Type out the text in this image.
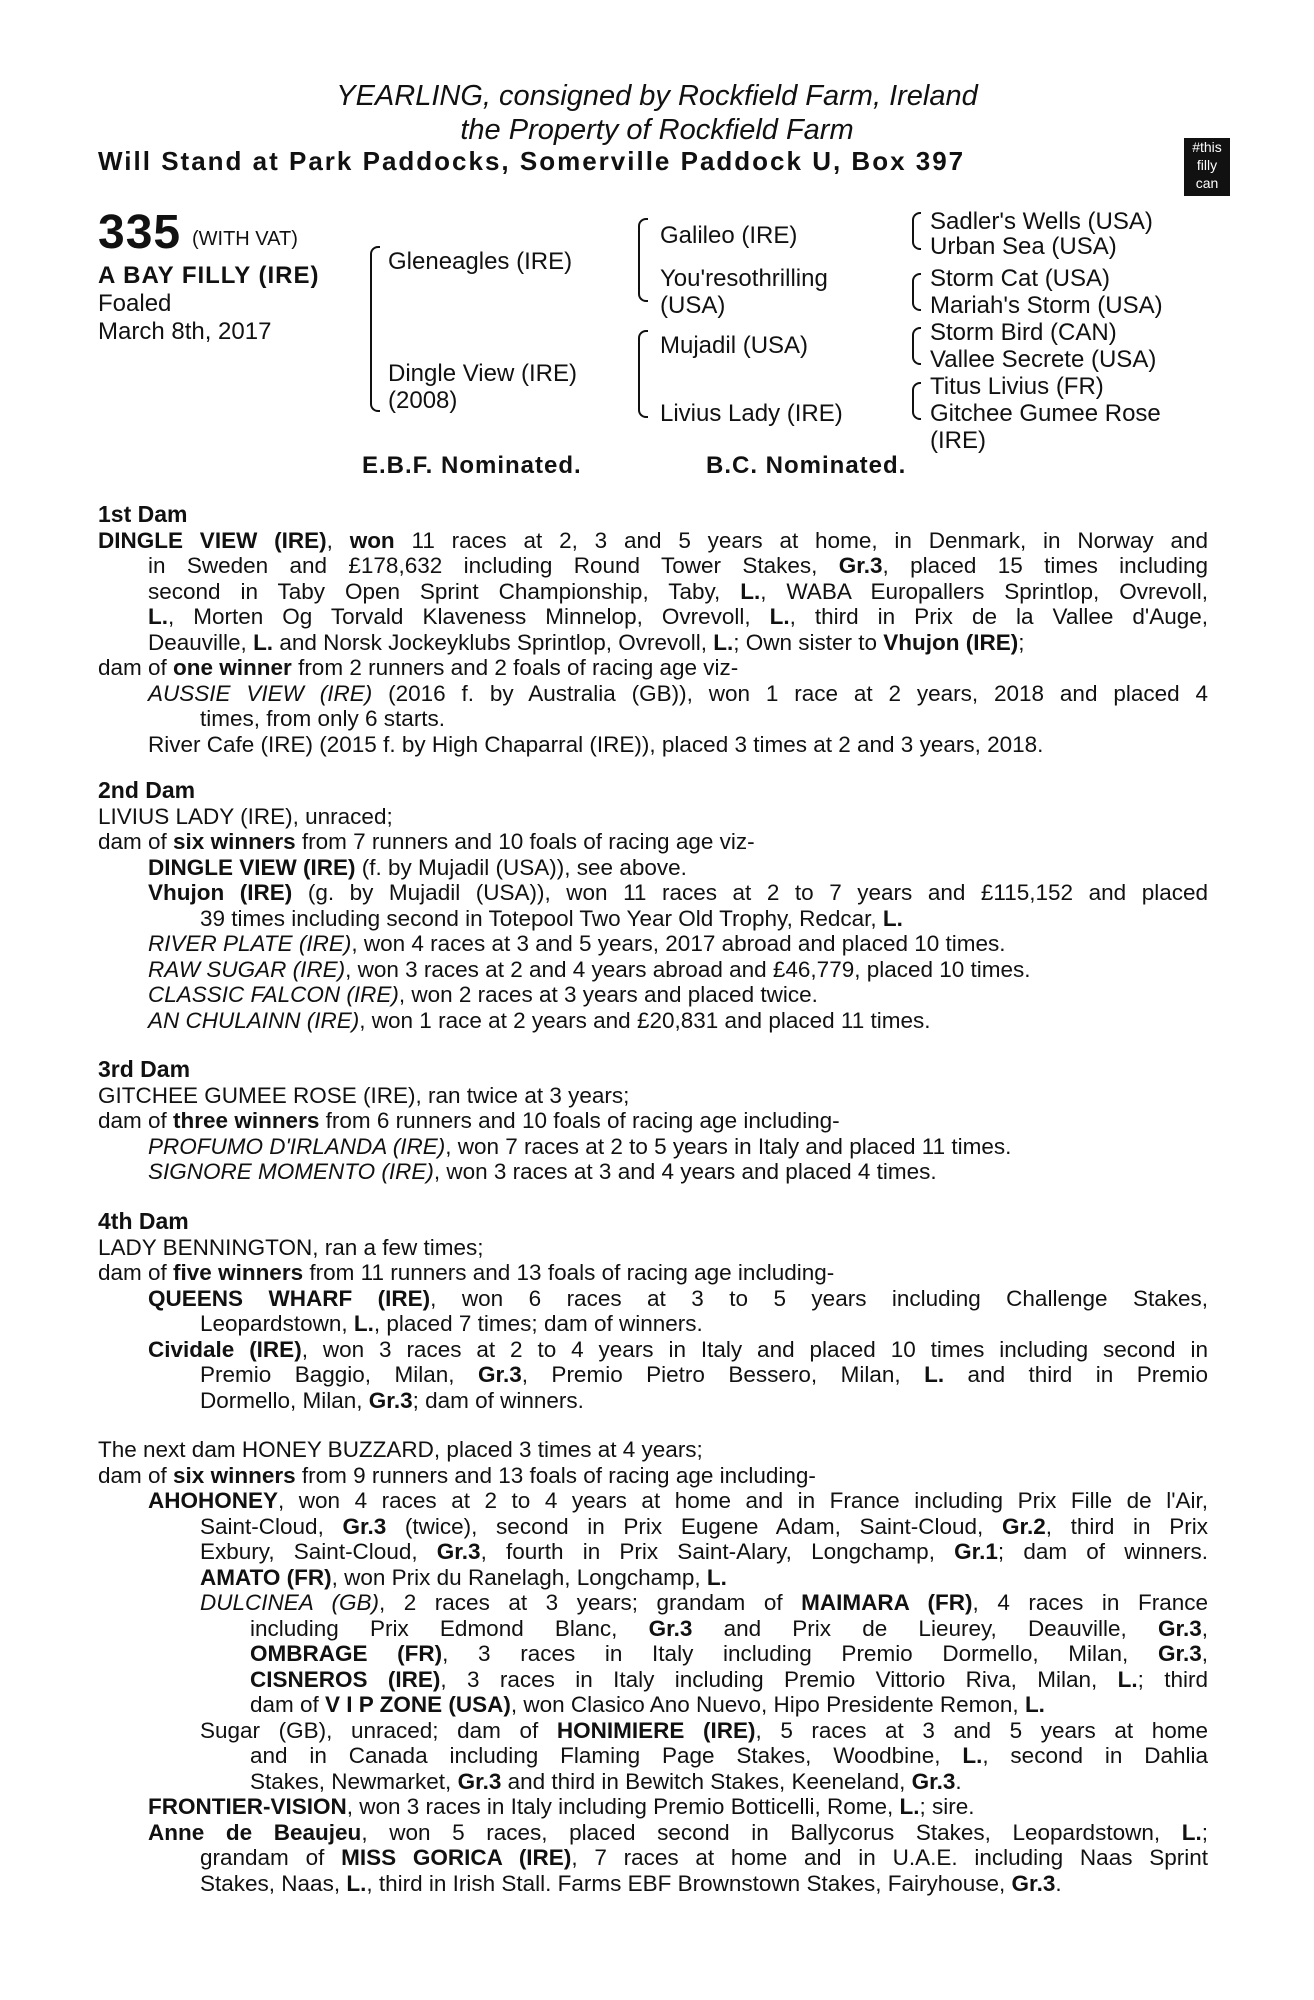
YEARLING, consigned by Rockfield Farm, Ireland
the Property of Rockfield Farm
Will Stand at Park Paddocks, Somerville Paddock U, Box 397	#this
filly
can
335 (WITH VAT)
A BAY FILLY (IRE)
Foaled
March 8th, 2017
Gleneagles (IRE)
Dingle View (IRE)
(2008)
Galileo (IRE)
You'resothrilling
(USA)
Mujadil (USA)
Livius Lady (IRE)
Sadler's Wells (USA)
Urban Sea (USA)
Storm Cat (USA)
Mariah's Storm (USA)
Storm Bird (CAN)
Vallee Secrete (USA)
Titus Livius (FR)
Gitchee Gumee Rose
(IRE)
E.B.F. Nominated.	B.C. Nominated.
1st Dam
DINGLE VIEW (IRE), won 11 races at 2, 3 and 5 years at home, in Denmark, in Norway and
in Sweden and £178,632 including Round Tower Stakes, Gr.3, placed 15 times including
second in Taby Open Sprint Championship, Taby, L., WABA Europallers Sprintlop, Ovrevoll,
L., Morten Og Torvald Klaveness Minnelop, Ovrevoll, L., third in Prix de la Vallee d'Auge,
Deauville, L. and Norsk Jockeyklubs Sprintlop, Ovrevoll, L.; Own sister to Vhujon (IRE);
dam of one winner from 2 runners and 2 foals of racing age viz-
AUSSIE VIEW (IRE) (2016 f. by Australia (GB)), won 1 race at 2 years, 2018 and placed 4
times, from only 6 starts.
River Cafe (IRE) (2015 f. by High Chaparral (IRE)), placed 3 times at 2 and 3 years, 2018.
2nd Dam
LIVIUS LADY (IRE), unraced;
dam of six winners from 7 runners and 10 foals of racing age viz-
DINGLE VIEW (IRE) (f. by Mujadil (USA)), see above.
Vhujon (IRE) (g. by Mujadil (USA)), won 11 races at 2 to 7 years and £115,152 and placed
39 times including second in Totepool Two Year Old Trophy, Redcar, L.
RIVER PLATE (IRE), won 4 races at 3 and 5 years, 2017 abroad and placed 10 times.
RAW SUGAR (IRE), won 3 races at 2 and 4 years abroad and £46,779, placed 10 times.
CLASSIC FALCON (IRE), won 2 races at 3 years and placed twice.
AN CHULAINN (IRE), won 1 race at 2 years and £20,831 and placed 11 times.
3rd Dam
GITCHEE GUMEE ROSE (IRE), ran twice at 3 years;
dam of three winners from 6 runners and 10 foals of racing age including-
PROFUMO D'IRLANDA (IRE), won 7 races at 2 to 5 years in Italy and placed 11 times.
SIGNORE MOMENTO (IRE), won 3 races at 3 and 4 years and placed 4 times.
4th Dam
LADY BENNINGTON, ran a few times;
dam of five winners from 11 runners and 13 foals of racing age including-
QUEENS WHARF (IRE), won 6 races at 3 to 5 years including Challenge Stakes,
Leopardstown, L., placed 7 times; dam of winners.
Cividale (IRE), won 3 races at 2 to 4 years in Italy and placed 10 times including second in
Premio Baggio, Milan, Gr.3, Premio Pietro Bessero, Milan, L. and third in Premio
Dormello, Milan, Gr.3; dam of winners.
The next dam HONEY BUZZARD, placed 3 times at 4 years;
dam of six winners from 9 runners and 13 foals of racing age including-
AHOHONEY, won 4 races at 2 to 4 years at home and in France including Prix Fille de l'Air,
Saint-Cloud, Gr.3 (twice), second in Prix Eugene Adam, Saint-Cloud, Gr.2, third in Prix
Exbury, Saint-Cloud, Gr.3, fourth in Prix Saint-Alary, Longchamp, Gr.1; dam of winners.
AMATO (FR), won Prix du Ranelagh, Longchamp, L.
DULCINEA (GB), 2 races at 3 years; grandam of MAIMARA (FR), 4 races in France
including Prix Edmond Blanc, Gr.3 and Prix de Lieurey, Deauville, Gr.3,
OMBRAGE (FR), 3 races in Italy including Premio Dormello, Milan, Gr.3,
CISNEROS (IRE), 3 races in Italy including Premio Vittorio Riva, Milan, L.; third
dam of V I P ZONE (USA), won Clasico Ano Nuevo, Hipo Presidente Remon, L.
Sugar (GB), unraced; dam of HONIMIERE (IRE), 5 races at 3 and 5 years at home
and in Canada including Flaming Page Stakes, Woodbine, L., second in Dahlia
Stakes, Newmarket, Gr.3 and third in Bewitch Stakes, Keeneland, Gr.3.
FRONTIER-VISION, won 3 races in Italy including Premio Botticelli, Rome, L.; sire.
Anne de Beaujeu, won 5 races, placed second in Ballycorus Stakes, Leopardstown, L.;
grandam of MISS GORICA (IRE), 7 races at home and in U.A.E. including Naas Sprint
Stakes, Naas, L., third in Irish Stall. Farms EBF Brownstown Stakes, Fairyhouse, Gr.3.
